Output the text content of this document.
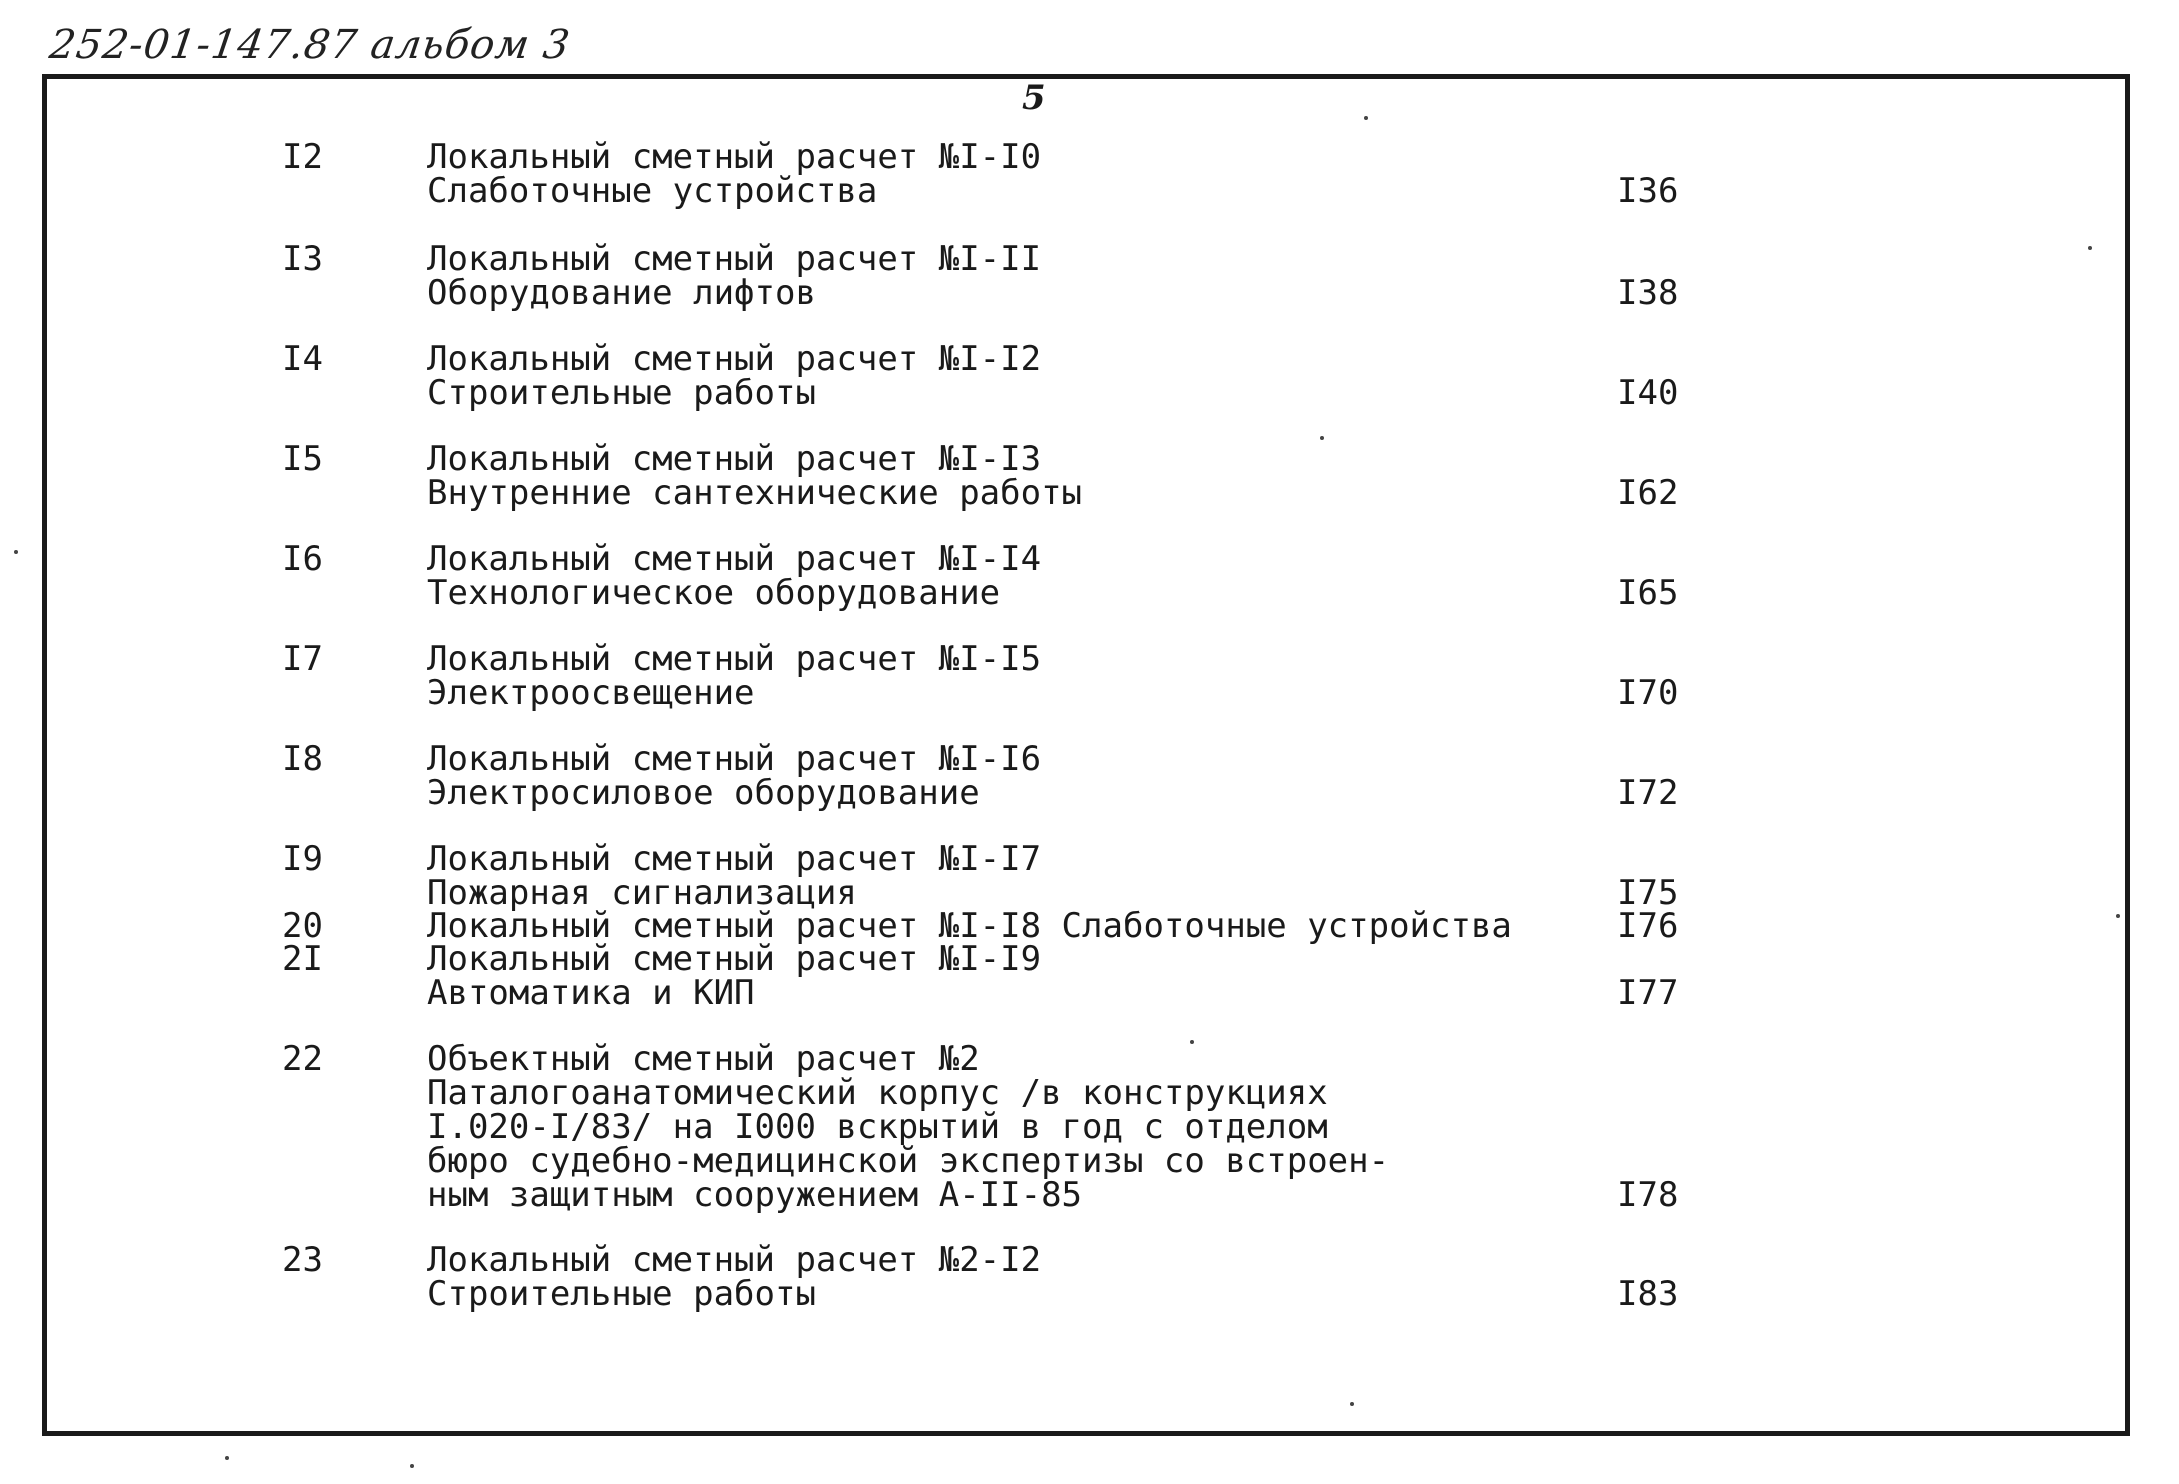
252-01-147.87 альбом 3
5
I2	Локальный сметный расчет №I-I0
Слаботочные устройства	I36
I3	Локальный сметный расчет №I-II
Оборудование лифтов	I38
I4	Локальный сметный расчет №I-I2
Строительные работы	I40
I5	Локальный сметный расчет №I-I3
Внутренние сантехнические работы	I62
I6	Локальный сметный расчет №I-I4
Технологическое оборудование	I65
I7	Локальный сметный расчет №I-I5
Электроосвещение	I70
I8	Локальный сметный расчет №I-I6
Электросиловое оборудование	I72
I9	Локальный сметный расчет №I-I7
Пожарная сигнализация	I75
20	Локальный сметный расчет №I-I8 Слаботочные устройства	I76
2I	Локальный сметный расчет №I-I9
Автоматика и КИП	I77
22	Объектный сметный расчет №2
Паталогоанатомический корпус /в конструкциях
I.020-I/83/ на I000 вскрытий в год с отделом
бюро судебно-медицинской экспертизы со встроен-
ным защитным сооружением А-II-85	I78
23	Локальный сметный расчет №2-I2
Строительные работы	I83
